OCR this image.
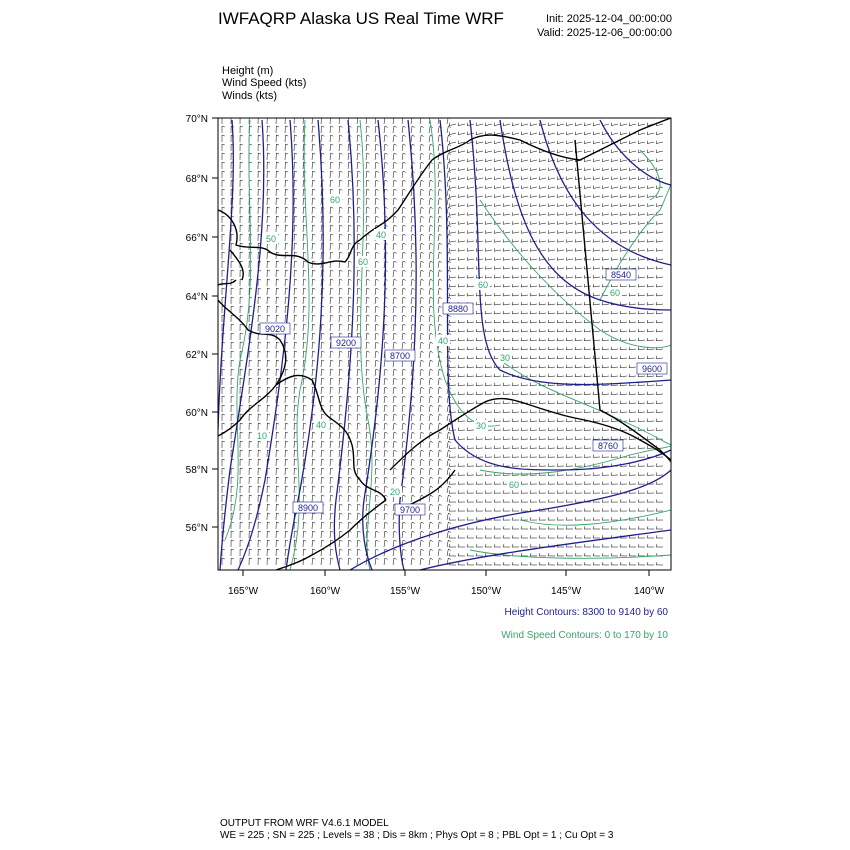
IWFAQRP Alaska US Real Time WRF	Init: 2025-12-04_00:00:00
Valid: 2025-12-06_00:00:00
Height (m)
Wind Speed (kts)
Winds (kts)
9020
9200
8700
8880
8540
9600
8760
8900	9700
60
50	40
60
60
30
40
30
20
60
40
10
60
70°N
68°N
66°N
64°N
62°N
60°N
58°N
56°N
165°W	160°W	155°W	150°W	145°W	140°W
Height Contours: 8300 to 9140 by 60
Wind Speed Contours: 0 to 170 by 10
OUTPUT FROM WRF V4.6.1 MODEL
WE = 225 ; SN = 225 ; Levels = 38 ; Dis = 8km ; Phys Opt = 8 ; PBL Opt = 1 ; Cu Opt = 3
